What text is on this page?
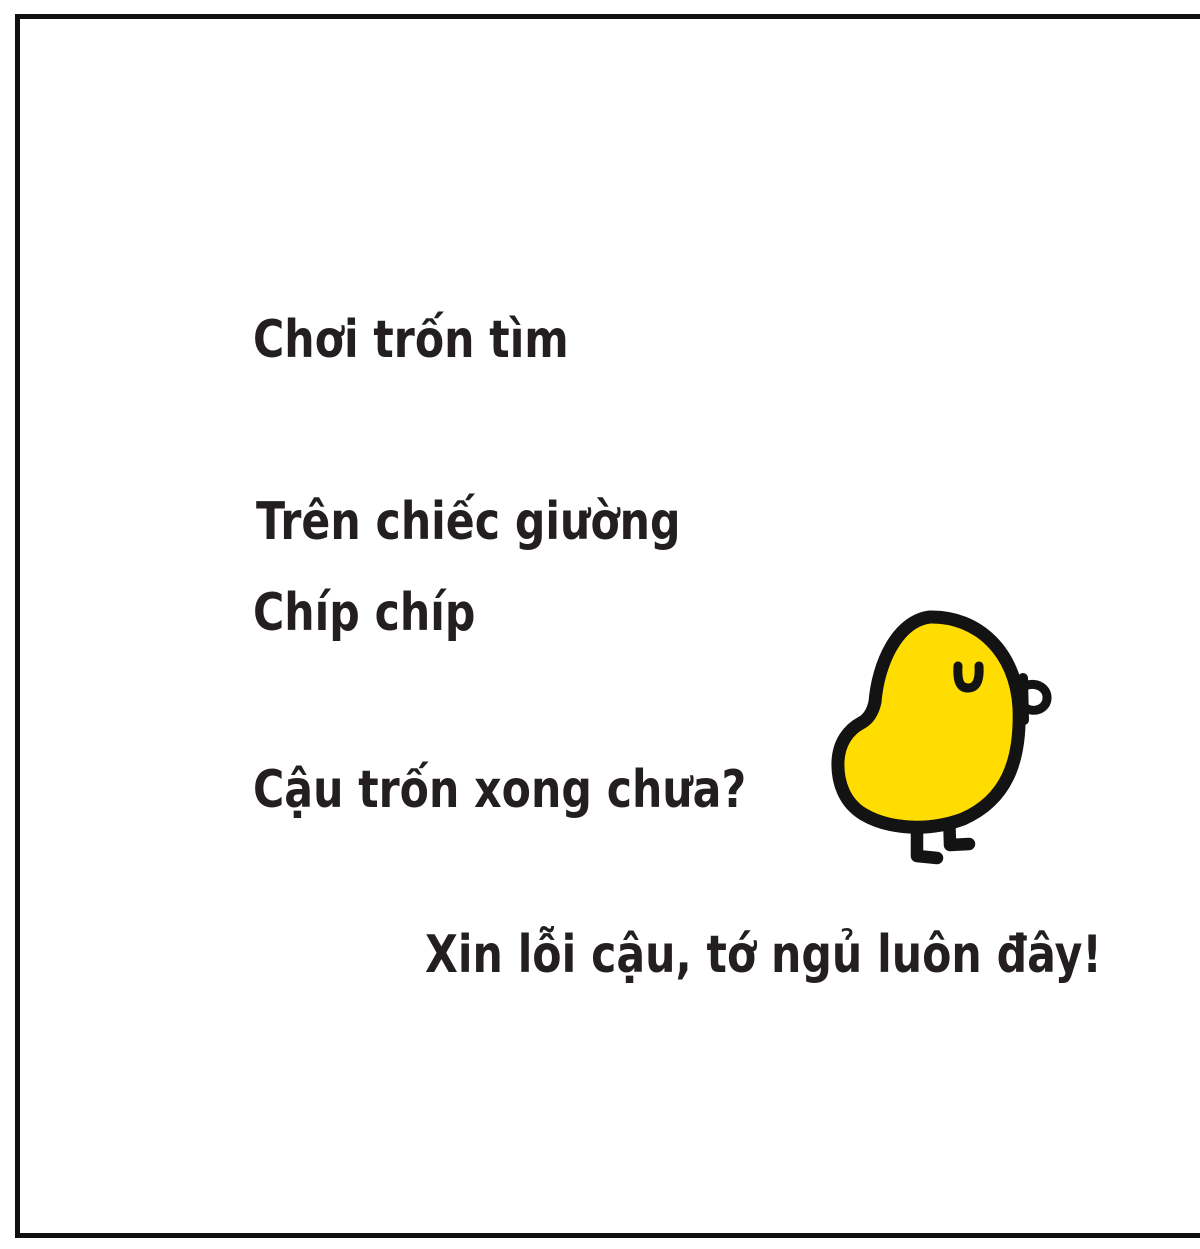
Chơi trốn tìm
Trên chiếc giường
Chíp chíp
Cậu trốn xong chưa?
Xin lỗi cậu, tớ ngủ luôn đây!
